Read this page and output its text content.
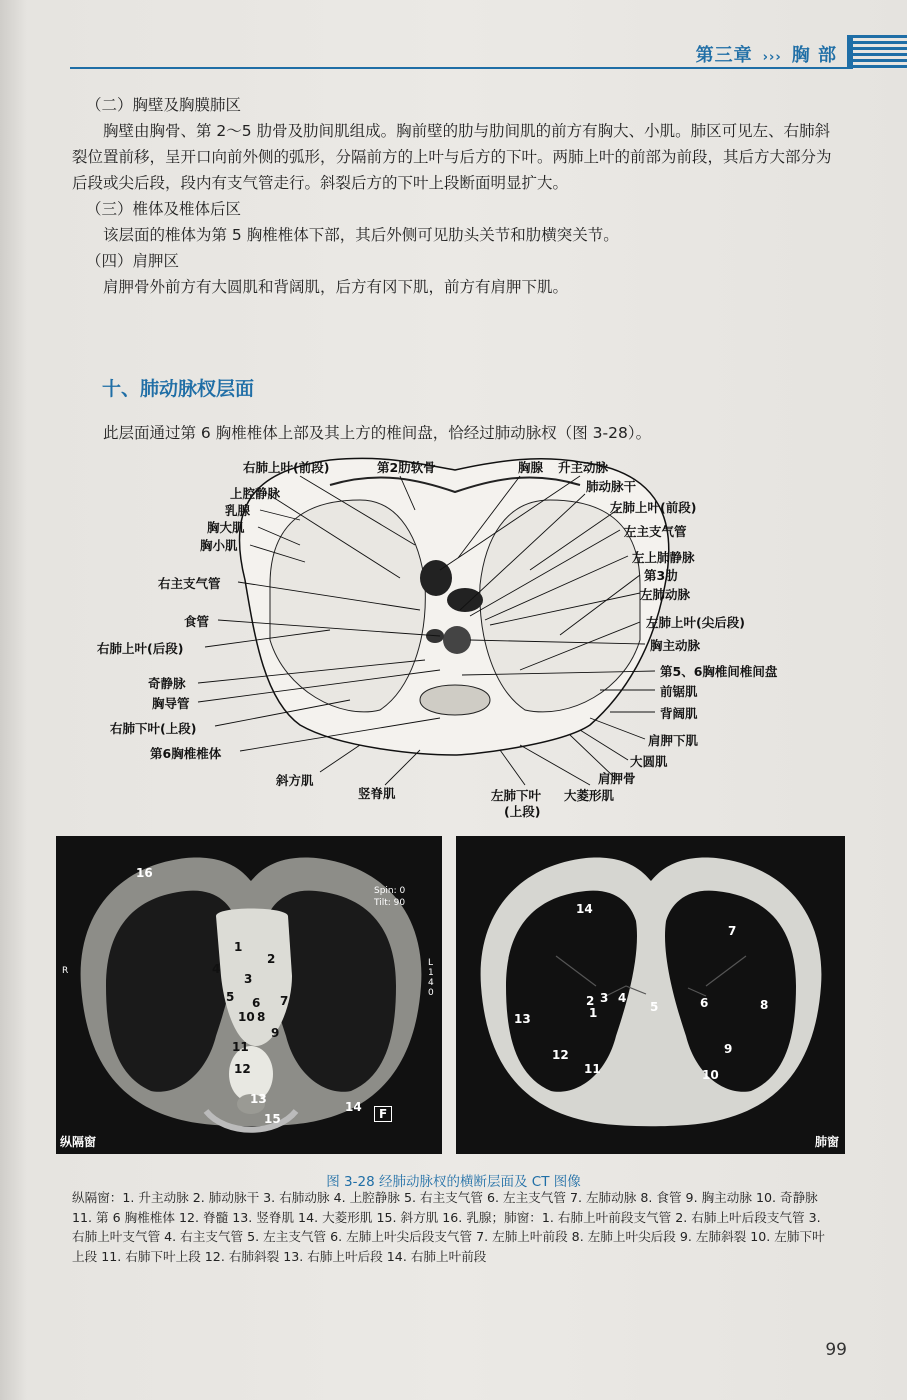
第三章 ››› 胸 部

（二）胸壁及胸膜肺区

胸壁由胸骨、第 2～5 肋骨及肋间肌组成。胸前壁的肋与肋间肌的前方有胸大、小肌。肺区可见左、右肺斜裂位置前移，呈开口向前外侧的弧形，分隔前方的上叶与后方的下叶。两肺上叶的前部为前段，其后方大部分为后段或尖后段，段内有支气管走行。斜裂后方的下叶上段断面明显扩大。

（三）椎体及椎体后区

该层面的椎体为第 5 胸椎椎体下部，其后外侧可见肋头关节和肋横突关节。

（四）肩胛区

肩胛骨外前方有大圆肌和背阔肌，后方有冈下肌，前方有肩胛下肌。

十、肺动脉杈层面

此层面通过第 6 胸椎椎体上部及其上方的椎间盘，恰经过肺动脉杈（图 3-28）。

右肺上叶(前段)	第2肋软骨	胸腺 升主动脉
上腔静脉
乳腺
胸大肌
胸小肌
右主支气管
食管
右肺上叶(后段)
奇静脉
胸导管
右肺下叶(上段)
第6胸椎椎体
肺动脉干
左肺上叶(前段)
左主支气管
左上肺静脉
第3肋
左肺动脉
左肺上叶(尖后段)
胸主动脉
第5、6胸椎间椎间盘
前锯肌
背阔肌
肩胛下肌
大圆肌
肩胛骨
斜方肌
竖脊肌	左肺下叶
(上段)
大菱形肌
16
1
2
4
3
5 6 7
10 8
9
11
12
13
14
15
Spin: 0
Tilt: 90
R
L
1
4
0
F
纵隔窗
14
7
3 4
5	6	8
2
1
13
12
11
9
10
肺窗
图 3-28 经肺动脉杈的横断层面及 CT 图像
纵隔窗：1. 升主动脉 2. 肺动脉干 3. 右肺动脉 4. 上腔静脉 5. 右主支气管 6. 左主支气管 7. 左肺动脉 8. 食管 9. 胸主动脉 10. 奇静脉 11. 第 6 胸椎椎体 12. 脊髓 13. 竖脊肌 14. 大菱形肌 15. 斜方肌 16. 乳腺；肺窗：1. 右肺上叶前段支气管 2. 右肺上叶后段支气管 3. 右肺上叶支气管 4. 右主支气管 5. 左主支气管 6. 左肺上叶尖后段支气管 7. 左肺上叶前段 8. 左肺上叶尖后段 9. 左肺斜裂 10. 左肺下叶上段 11. 右肺下叶上段 12. 右肺斜裂 13. 右肺上叶后段 14. 右肺上叶前段
99
